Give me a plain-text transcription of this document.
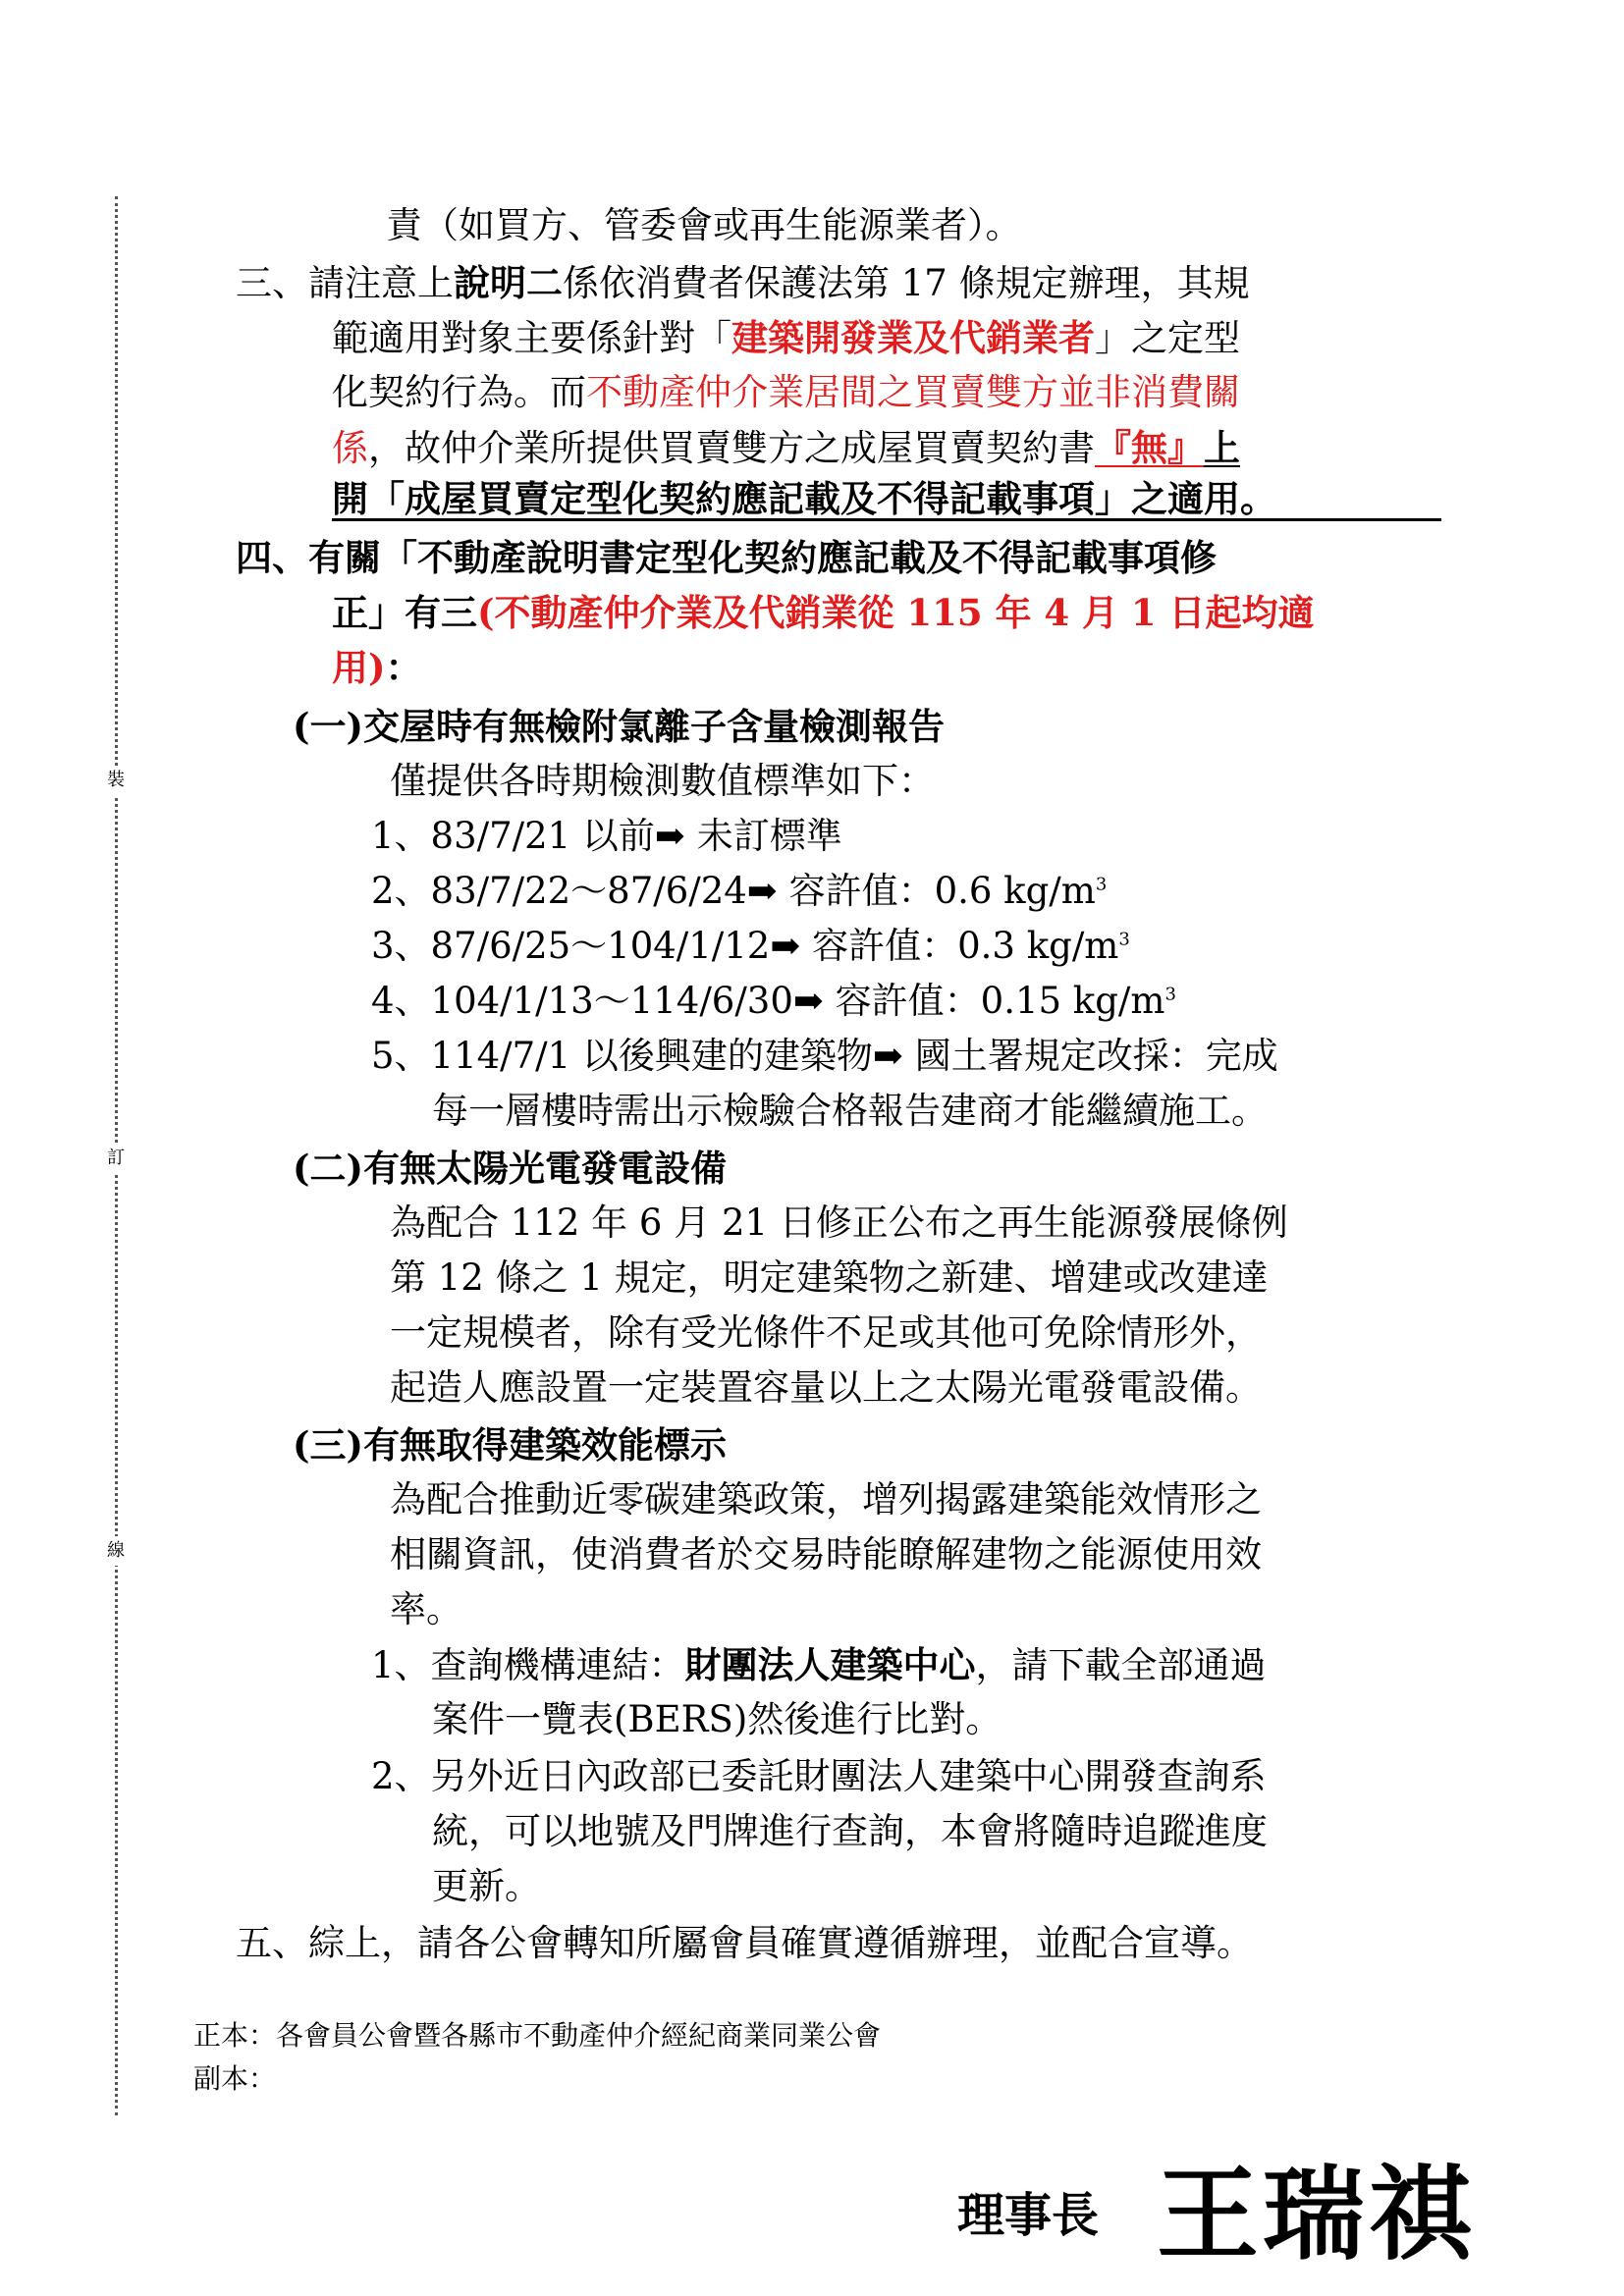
裝
訂
線
責（如買方、管委會或再生能源業者）。
三、請注意上說明二係依消費者保護法第 17 條規定辦理，其規
範適用對象主要係針對「建築開發業及代銷業者」之定型
化契約行為。而不動產仲介業居間之買賣雙方並非消費關
係，故仲介業所提供買賣雙方之成屋買賣契約書『無』上
開「成屋買賣定型化契約應記載及不得記載事項」之適用。
四、有關「不動產說明書定型化契約應記載及不得記載事項修
正」有三(不動產仲介業及代銷業從 115 年 4 月 1 日起均適
用)：
(一)交屋時有無檢附氯離子含量檢測報告
僅提供各時期檢測數值標準如下：
1、83/7/21 以前➡ 未訂標準
2、83/7/22～87/6/24➡ 容許值：0.6 $kg/m^3$
3、87/6/25～104/1/12➡ 容許值：0.3 $kg/m^3$
4、104/1/13～114/6/30➡ 容許值：0.15 $kg/m^3$
5、114/7/1 以後興建的建築物➡ 國土署規定改採：完成
每一層樓時需出示檢驗合格報告建商才能繼續施工。
(二)有無太陽光電發電設備
為配合 112 年 6 月 21 日修正公布之再生能源發展條例
第 12 條之 1 規定，明定建築物之新建、增建或改建達
一定規模者，除有受光條件不足或其他可免除情形外，
起造人應設置一定裝置容量以上之太陽光電發電設備。
(三)有無取得建築效能標示
為配合推動近零碳建築政策，增列揭露建築能效情形之
相關資訊，使消費者於交易時能瞭解建物之能源使用效
率。
1、查詢機構連結：財團法人建築中心，請下載全部通過
案件一覽表(BERS)然後進行比對。
2、另外近日內政部已委託財團法人建築中心開發查詢系
統，可以地號及門牌進行查詢，本會將隨時追蹤進度
更新。
五、綜上，請各公會轉知所屬會員確實遵循辦理，並配合宣導。
正本：各會員公會暨各縣市不動產仲介經紀商業同業公會
副本：
理事長 王瑞祺
